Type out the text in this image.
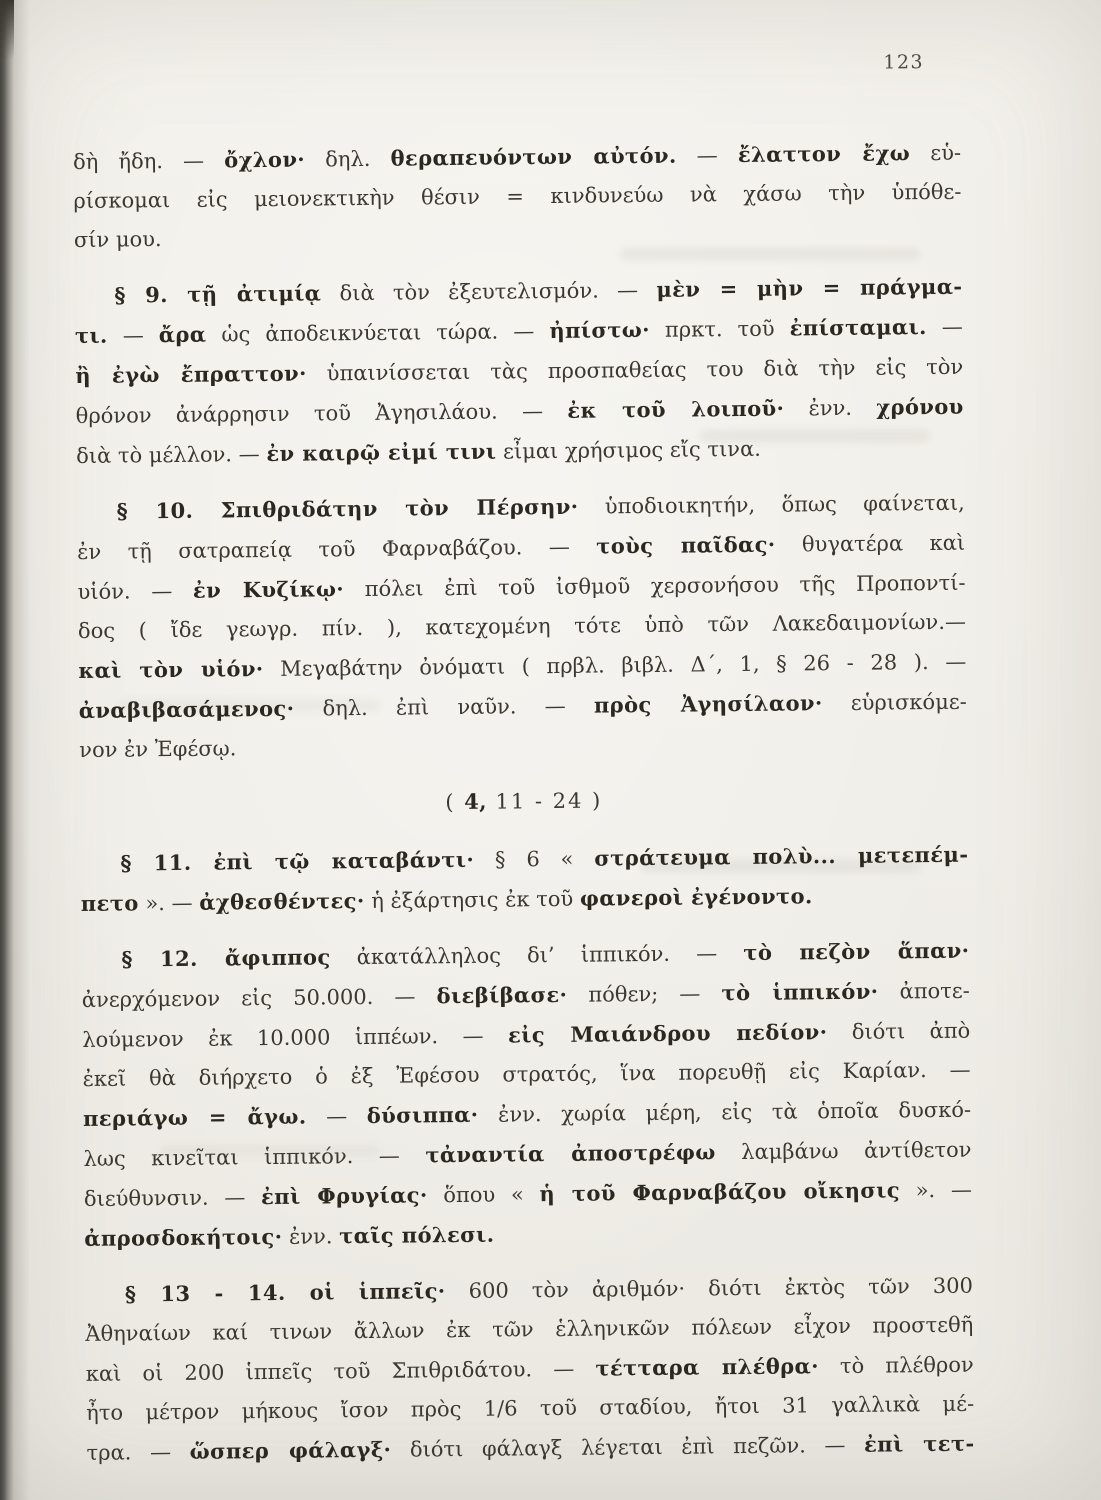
123
δὴ ἤδη. — ὄχλον· δηλ. θεραπευόντων αὐτόν. — ἔλαττον ἔχω εὑ-
ρίσκομαι εἰς μειονεκτικὴν θέσιν = κινδυνεύω νὰ χάσω τὴν ὑπόθε-
σίν μου.
§ 9. τῇ ἀτιμίᾳ διὰ τὸν ἐξευτελισμόν. — μὲν = μὴν = πράγμα-
τι. — ἄρα ὡς ἀποδεικνύεται τώρα. — ἠπίστω· πρκτ. τοῦ ἐπίσταμαι. —
ἢ ἐγὼ ἔπραττον· ὑπαινίσσεται τὰς προσπαθείας του διὰ τὴν εἰς τὸν
θρόνον ἀνάρρησιν τοῦ Ἀγησιλάου. — ἐκ τοῦ λοιποῦ· ἐνν. χρόνου
διὰ τὸ μέλλον. — ἐν καιρῷ εἰμί τινι εἶμαι χρήσιμος εἴς τινα.
§ 10. Σπιθριδάτην τὸν Πέρσην· ὑποδιοικητήν, ὅπως φαίνεται,
ἐν τῇ σατραπείᾳ τοῦ Φαρναβάζου. — τοὺς παῖδας· θυγατέρα καὶ
υἱόν. — ἐν Κυζίκῳ· πόλει ἐπὶ τοῦ ἰσθμοῦ χερσονήσου τῆς Προποντί-
δος ( ἴδε γεωγρ. πίν. ), κατεχομένη τότε ὑπὸ τῶν Λακεδαιμονίων.—
καὶ τὸν υἱόν· Μεγαβάτην ὀνόματι ( πρβλ. βιβλ. Δ΄, 1, § 26 - 28 ). —
ἀναβιβασάμενος· δηλ. ἐπὶ ναῦν. — πρὸς Ἀγησίλαον· εὑρισκόμε-
νον ἐν Ἐφέσῳ.
( 4, 11 - 24 )
§ 11. ἐπὶ τῷ καταβάντι· § 6 « στράτευμα πολὺ... μετεπέμ-
πετο ». — ἀχθεσθέντες· ἡ ἐξάρτησις ἐκ τοῦ φανεροὶ ἐγένοντο.
§ 12. ἄφιππος ἀκατάλληλος δι’ ἱππικόν. — τὸ πεζὸν ἅπαν·
ἀνερχόμενον εἰς 50.000. — διεβίβασε· πόθεν; — τὸ ἱππικόν· ἀποτε-
λούμενον ἐκ 10.000 ἱππέων. — εἰς Μαιάνδρου πεδίον· διότι ἀπὸ
ἐκεῖ θὰ διήρχετο ὁ ἐξ Ἐφέσου στρατός, ἵνα πορευθῇ εἰς Καρίαν. —
περιάγω = ἄγω. — δύσιππα· ἐνν. χωρία μέρη, εἰς τὰ ὁποῖα δυσκό-
λως κινεῖται ἱππικόν. — τἀναντία ἀποστρέφω λαμβάνω ἀντίθετον
διεύθυνσιν. — ἐπὶ Φρυγίας· ὅπου « ἡ τοῦ Φαρναβάζου οἴκησις ». —
ἀπροσδοκήτοις· ἐνν. ταῖς πόλεσι.
§ 13 - 14. οἱ ἱππεῖς· 600 τὸν ἀριθμόν· διότι ἐκτὸς τῶν 300
Ἀθηναίων καί τινων ἄλλων ἐκ τῶν ἑλληνικῶν πόλεων εἶχον προστεθῆ
καὶ οἱ 200 ἱππεῖς τοῦ Σπιθριδάτου. — τέτταρα πλέθρα· τὸ πλέθρον
ἦτο μέτρον μήκους ἴσον πρὸς 1/6 τοῦ σταδίου, ἤτοι 31 γαλλικὰ μέ-
τρα. — ὥσπερ φάλαγξ· διότι φάλαγξ λέγεται ἐπὶ πεζῶν. — ἐπὶ τετ-
